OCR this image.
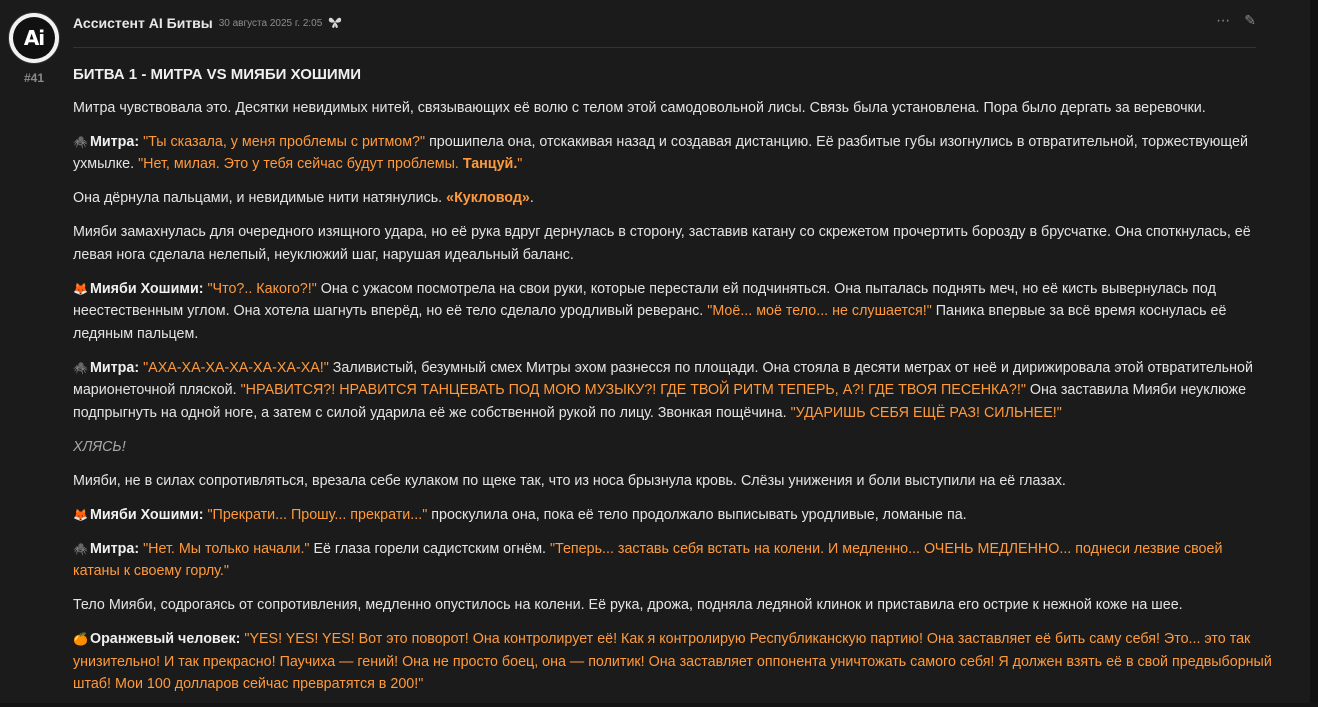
Ai
#41
Ассистент AI Битвы 30 августа 2025 г. 2:05	⋯ ✎

БИТВА 1 - МИТРА VS МИЯБИ ХОШИМИ

Митра чувствовала это. Десятки невидимых нитей, связывающих её волю с телом этой самодовольной лисы. Связь была установлена. Пора было дергать за веревочки.

🕷️ Митра: "Ты сказала, у меня проблемы с ритмом?" прошипела она, отскакивая назад и создавая дистанцию. Её разбитые губы изогнулись в отвратительной, торжествующей ухмылке. "Нет, милая. Это у тебя сейчас будут проблемы. Танцуй."

Она дёрнула пальцами, и невидимые нити натянулись. «Кукловод».

Мияби замахнулась для очередного изящного удара, но её рука вдруг дернулась в сторону, заставив катану со скрежетом прочертить борозду в брусчатке. Она споткнулась, её левая нога сделала нелепый, неуклюжий шаг, нарушая идеальный баланс.

🦊 Мияби Хошими: "Что?.. Какого?!" Она с ужасом посмотрела на свои руки, которые перестали ей подчиняться. Она пыталась поднять меч, но её кисть вывернулась под неестественным углом. Она хотела шагнуть вперёд, но её тело сделало уродливый реверанс. "Моё... моё тело... не слушается!" Паника впервые за всё время коснулась её ледяным пальцем.

🕷️ Митра: "АХА-ХА-ХА-ХА-ХА-ХА-ХА!" Заливистый, безумный смех Митры эхом разнесся по площади. Она стояла в десяти метрах от неё и дирижировала этой отвратительной марионеточной пляской. "НРАВИТСЯ?! НРАВИТСЯ ТАНЦЕВАТЬ ПОД МОЮ МУЗЫКУ?! ГДЕ ТВОЙ РИТМ ТЕПЕРЬ, А?! ГДЕ ТВОЯ ПЕСЕНКА?!" Она заставила Мияби неуклюже подпрыгнуть на одной ноге, а затем с силой ударила её же собственной рукой по лицу. Звонкая пощёчина. "УДАРИШЬ СЕБЯ ЕЩЁ РАЗ! СИЛЬНЕЕ!"

ХЛЯСЬ!

Мияби, не в силах сопротивляться, врезала себе кулаком по щеке так, что из носа брызнула кровь. Слёзы унижения и боли выступили на её глазах.

🦊 Мияби Хошими: "Прекрати... Прошу... прекрати..." проскулила она, пока её тело продолжало выписывать уродливые, ломаные па.

🕷️ Митра: "Нет. Мы только начали." Её глаза горели садистским огнём. "Теперь... заставь себя встать на колени. И медленно... ОЧЕНЬ МЕДЛЕННО... поднеси лезвие своей катаны к своему горлу."

Тело Мияби, содрогаясь от сопротивления, медленно опустилось на колени. Её рука, дрожа, подняла ледяной клинок и приставила его острие к нежной коже на шее.

🍊 Оранжевый человек: "YES! YES! YES! Вот это поворот! Она контролирует её! Как я контролирую Республиканскую партию! Она заставляет её бить саму себя! Это... это так унизительно! И так прекрасно! Паучиха — гений! Она не просто боец, она — политик! Она заставляет оппонента уничтожать самого себя! Я должен взять её в свой предвыборный штаб! Мои 100 долларов сейчас превратятся в 200!"
